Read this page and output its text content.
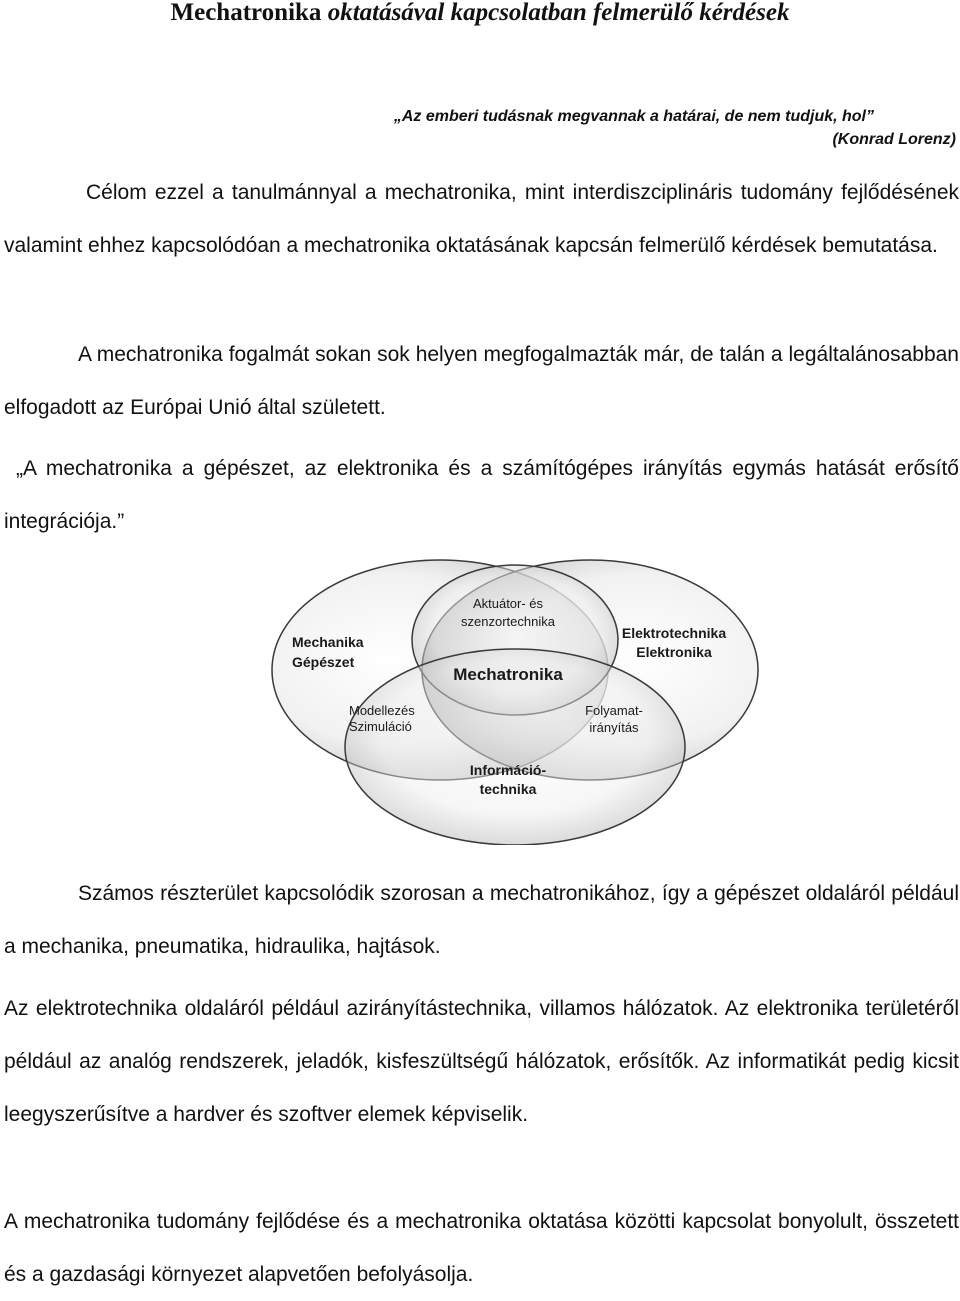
Mechatronika oktatásával kapcsolatban felmerülő kérdések
„Az emberi tudásnak megvannak a határai, de nem tudjuk, hol”
(Konrad Lorenz)
Célom ezzel a tanulmánnyal a mechatronika, mint interdiszciplináris tudomány fejlődésének valamint ehhez kapcsolódóan a mechatronika oktatásának kapcsán felmerülő kérdések bemutatása.
A mechatronika fogalmát sokan sok helyen megfogalmazták már, de talán a legáltalánosabban elfogadott az Európai Unió által született.
„A mechatronika a gépészet, az elektronika és a számítógépes irányítás egymás hatását erősítő integrációja.”
Mechanika
Gépészet
Aktuátor- és
szenzortechnika
Elektrotechnika
Elektronika
Mechatronika
Modellezés
Szimuláció
Folyamat-
irányítás
Információ-
technika
Számos részterület kapcsolódik szorosan a mechatronikához, így a gépészet oldaláról például a mechanika, pneumatika, hidraulika, hajtások.
Az elektrotechnika oldaláról például azirányítástechnika, villamos hálózatok. Az elektronika területéről például az analóg rendszerek, jeladók, kisfeszültségű hálózatok, erősítők. Az informatikát pedig kicsit leegyszerűsítve a hardver és szoftver elemek képviselik.
A mechatronika tudomány fejlődése és a mechatronika oktatása közötti kapcsolat bonyolult, összetett és a gazdasági környezet alapvetően befolyásolja.
